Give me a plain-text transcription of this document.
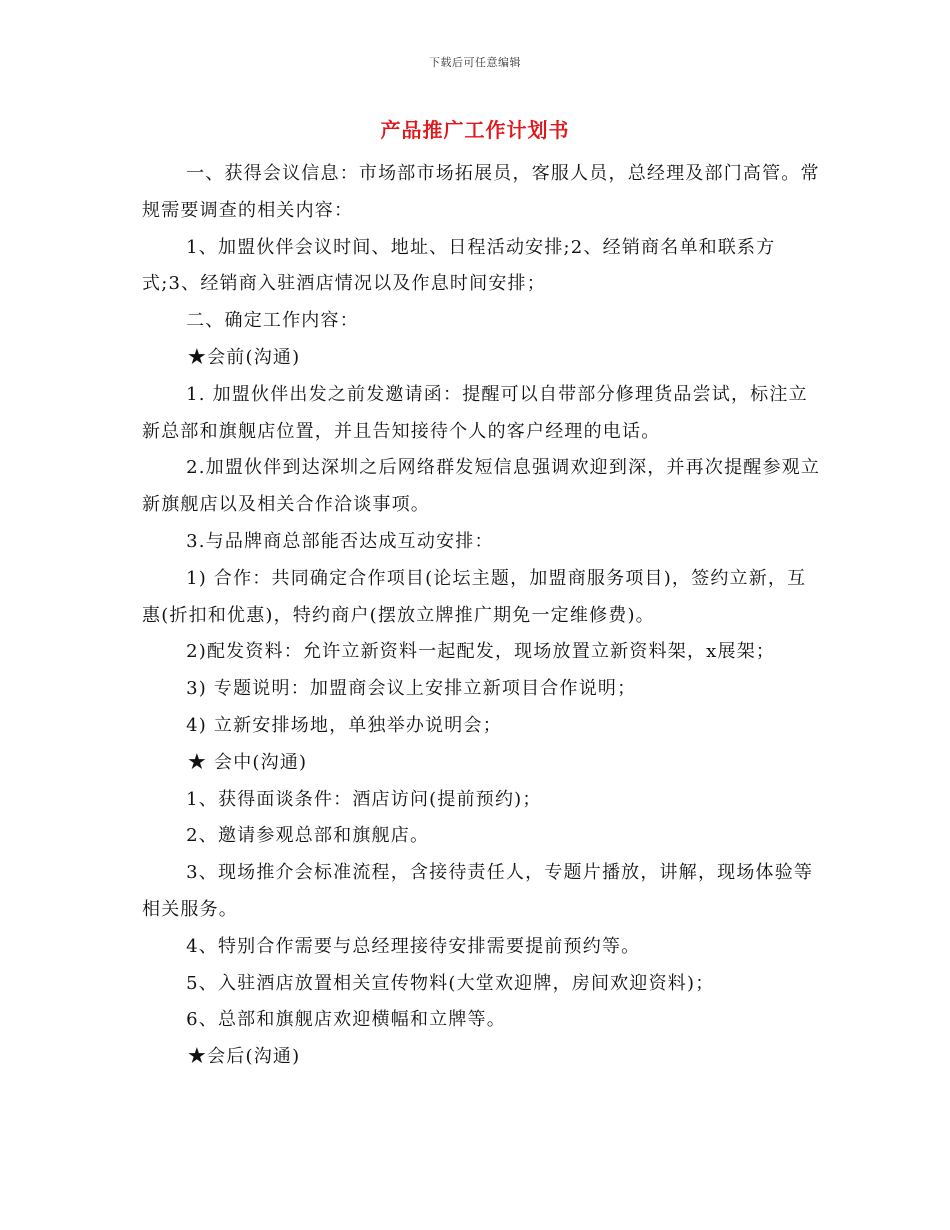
下载后可任意编辑
产品推广工作计划书

一、获得会议信息：市场部市场拓展员，客服人员，总经理及部门高管。常规需要调查的相关内容：

1、加盟伙伴会议时间、地址、日程活动安排;2、经销商名单和联系方式;3、经销商入驻酒店情况以及作息时间安排；

二、确定工作内容：

★会前(沟通)

1. 加盟伙伴出发之前发邀请函：提醒可以自带部分修理货品尝试，标注立新总部和旗舰店位置，并且告知接待个人的客户经理的电话。

2.加盟伙伴到达深圳之后网络群发短信息强调欢迎到深，并再次提醒参观立新旗舰店以及相关合作洽谈事项。

3.与品牌商总部能否达成互动安排：

1) 合作：共同确定合作项目(论坛主题，加盟商服务项目)，签约立新，互惠(折扣和优惠)，特约商户(摆放立牌推广期免一定维修费)。

2)配发资料：允许立新资料一起配发，现场放置立新资料架，x展架；

3) 专题说明：加盟商会议上安排立新项目合作说明；

4) 立新安排场地，单独举办说明会；

★ 会中(沟通)

1、获得面谈条件：酒店访问(提前预约)；

2、邀请参观总部和旗舰店。

3、现场推介会标准流程，含接待责任人，专题片播放，讲解，现场体验等相关服务。

4、特别合作需要与总经理接待安排需要提前预约等。

5、入驻酒店放置相关宣传物料(大堂欢迎牌，房间欢迎资料)；

6、总部和旗舰店欢迎横幅和立牌等。

★会后(沟通)
